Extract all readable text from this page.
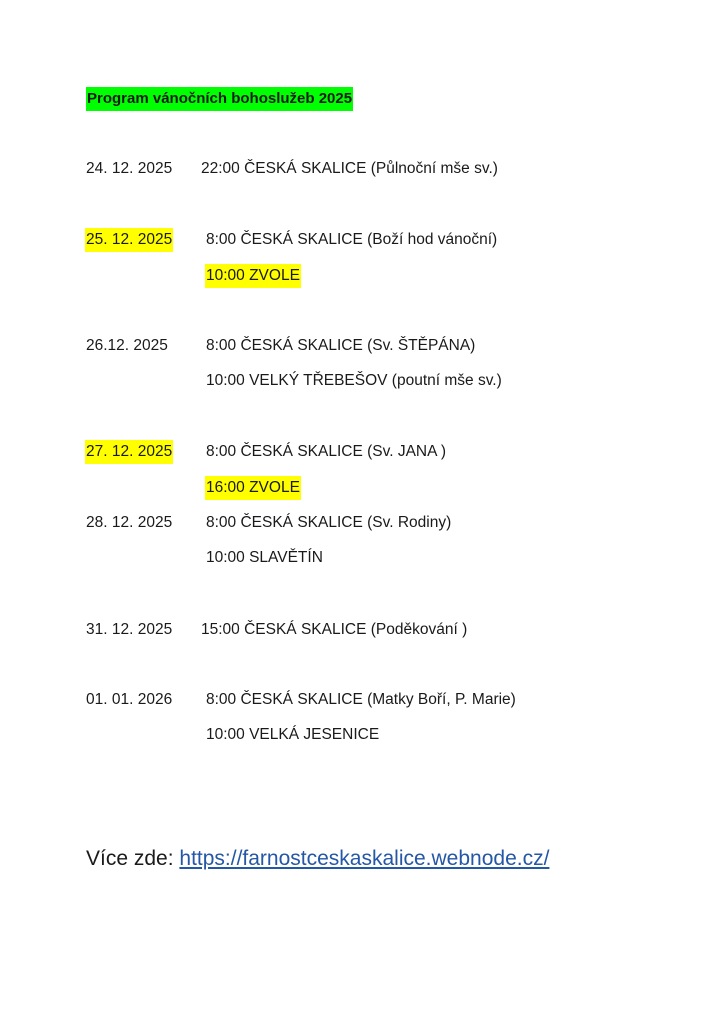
Program vánočních bohoslužeb 2025
24. 12. 2025 22:00 ČESKÁ SKALICE (Půlnoční mše sv.)
25. 12. 2025 8:00 ČESKÁ SKALICE (Boží hod vánoční)
10:00 ZVOLE
26.12. 2025 8:00 ČESKÁ SKALICE (Sv. ŠTĚPÁNA)
10:00 VELKÝ TŘEBEŠOV (poutní mše sv.)
27. 12. 2025 8:00 ČESKÁ SKALICE (Sv. JANA )
16:00 ZVOLE
28. 12. 2025 8:00 ČESKÁ SKALICE (Sv. Rodiny)
10:00 SLAVĚTÍN
31. 12. 2025 15:00 ČESKÁ SKALICE (Poděkování )
01. 01. 2026 8:00 ČESKÁ SKALICE (Matky Boří, P. Marie)
10:00 VELKÁ JESENICE
Více zde: https://farnostceskaskalice.webnode.cz/
